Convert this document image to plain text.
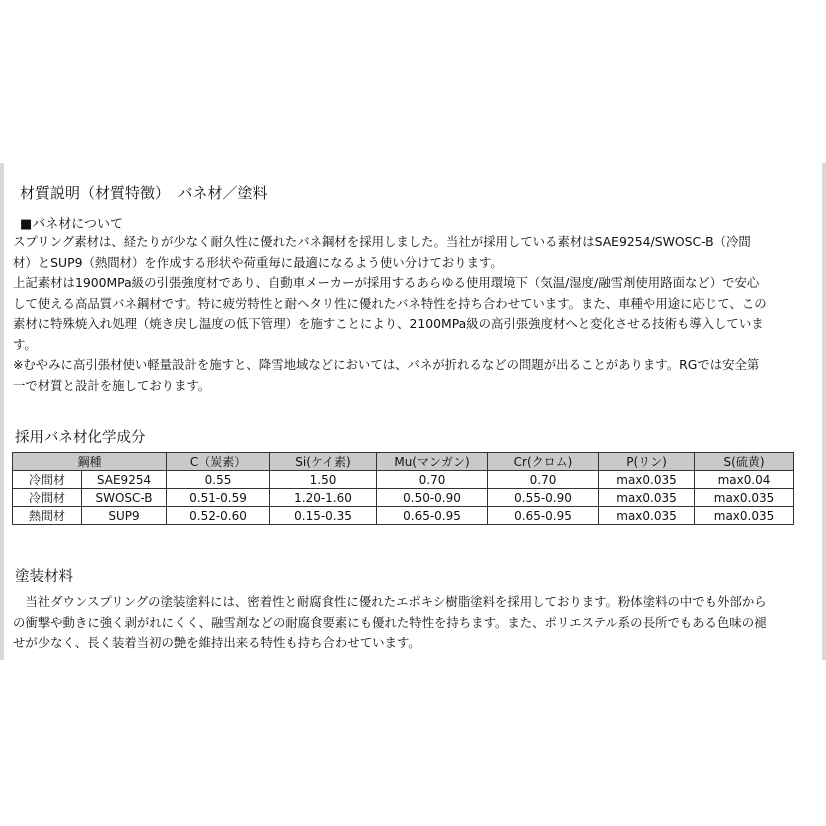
材質説明（材質特徴）　バネ材／塗料
■バネ材について
スプリング素材は、経たりが少なく耐久性に優れたバネ鋼材を採用しました。当社が採用している素材はSAE9254/SWOSC-B（冷間
材）とSUP9（熱間材）を作成する形状や荷重毎に最適になるよう使い分けております。
上記素材は1900MPa級の引張強度材であり、自動車メーカーが採用するあらゆる使用環境下（気温/湿度/融雪剤使用路面など）で安心
して使える高品質バネ鋼材です。特に疲労特性と耐ヘタリ性に優れたバネ特性を持ち合わせています。また、車種や用途に応じて、この
素材に特殊焼入れ処理（焼き戻し温度の低下管理）を施すことにより、2100MPa級の高引張強度材へと変化させる技術も導入していま
す。
※むやみに高引張材使い軽量設計を施すと、降雪地域などにおいては、バネが折れるなどの問題が出ることがあります。RGでは安全第
一で材質と設計を施しております。
採用バネ材化学成分
鋼種		C（炭素）	Si(ケイ素)	Mu(マンガン)	Cr(クロム)	P(リン)	S(硫黄)
冷間材	SAE9254	0.55	1.50	0.70	0.70	max0.035	max0.04
冷間材	SWOSC-B	0.51-0.59	1.20-1.60	0.50-0.90	0.55-0.90	max0.035	max0.035
熱間材	SUP9	0.52-0.60	0.15-0.35	0.65-0.95	0.65-0.95	max0.035	max0.035
塗装材料
　当社ダウンスプリングの塗装塗料には、密着性と耐腐食性に優れたエポキシ樹脂塗料を採用しております。粉体塗料の中でも外部から
の衝撃や動きに強く剥がれにくく、融雪剤などの耐腐食要素にも優れた特性を持ちます。また、ポリエステル系の長所でもある色味の褪
せが少なく、長く装着当初の艶を維持出来る特性も持ち合わせています。
